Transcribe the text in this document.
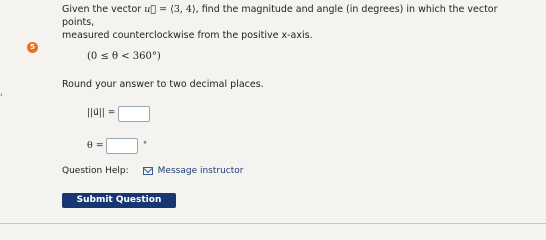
Given the vector u⃗ = ⟨3, 4⟩, find the magnitude and angle (in degrees) in which the vector points,
measured counterclockwise from the positive x-axis.
5
(0 ≤ θ < 360°)
Round your answer to two decimal places.
'
||u⃗|| =
θ =	°
Question Help:	Message instructor
Submit Question
